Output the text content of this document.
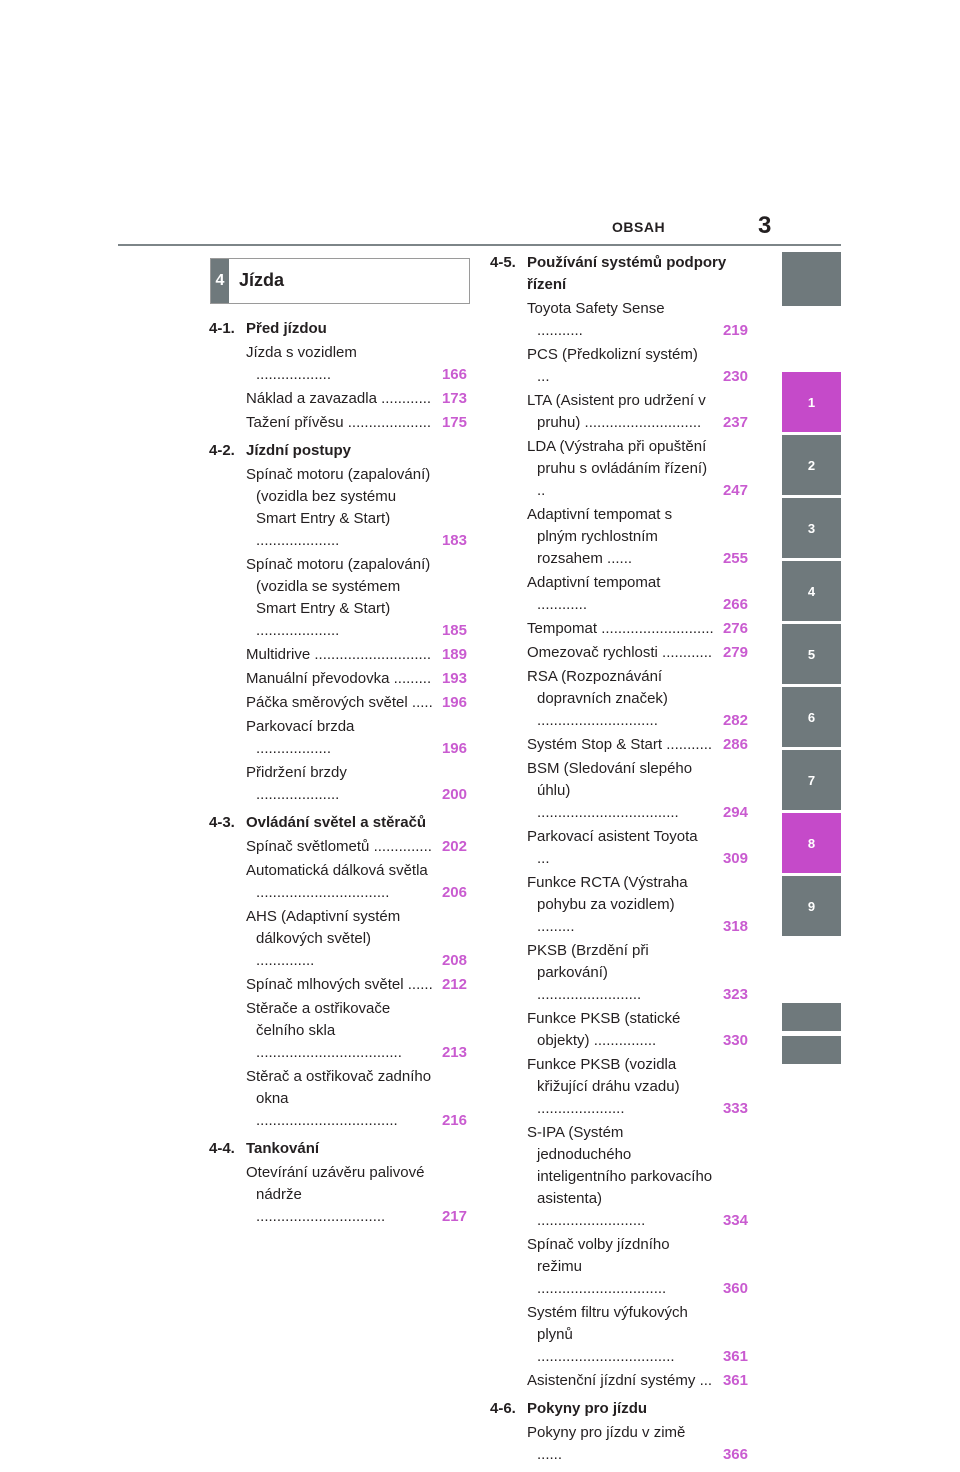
OBSAH	3
4 Jízda
4-1. Před jízdou
Jízda s vozidlem ..................	166
Náklad a zavazadla ............ 173
Tažení přívěsu .................... 175
4-2. Jízdní postupy
Spínač motoru (zapalování) (vozidla bez systému Smart Entry & Start) ....................	183
Spínač motoru (zapalování) (vozidla se systémem Smart Entry & Start) ....................	185
Multidrive ............................ 189
Manuální převodovka ......... 193
Páčka směrových světel ..... 196
Parkovací brzda ..................	196
Přidržení brzdy ....................	200
4-3. Ovládání světel a stěračů
Spínač světlometů .............. 202
Automatická dálková světla ................................	206
AHS (Adaptivní systém dálkových světel) ..............	208
Spínač mlhových světel ...... 212
Stěrače a ostřikovače čelního skla ...................................	213
Stěrač a ostřikovač zadního okna ..................................	216
4-4. Tankování
Otevírání uzávěru palivové nádrže ...............................	217
4-5. Používání systémů podpory řízení
Toyota Safety Sense ...........	219
PCS (Předkolizní systém) ...	230
LTA (Asistent pro udržení v pruhu) ............................	237
LDA (Výstraha při opuštění pruhu s ovládáním řízení) ..	247
Adaptivní tempomat s plným rychlostním rozsahem ......	255
Adaptivní tempomat ............	266
Tempomat ........................... 276
Omezovač rychlosti ............ 279
RSA (Rozpoznávání dopravních značek) .............................	282
Systém Stop & Start ........... 286
BSM (Sledování slepého úhlu) ..................................	294
Parkovací asistent Toyota ...	309
Funkce RCTA (Výstraha pohybu za vozidlem) .........	318
PKSB (Brzdění při parkování) .........................	323
Funkce PKSB (statické objekty) ...............	330
Funkce PKSB (vozidla křižující dráhu vzadu) .....................	333
S-IPA (Systém jednoduchého inteligentního parkovacího asistenta) ..........................	334
Spínač volby jízdního režimu ...............................	360
Systém filtru výfukových plynů .................................	361
Asistenční jízdní systémy ... 361
4-6. Pokyny pro jízdu
Pokyny pro jízdu v zimě ......	366
1
2
3
4
5
6
7
8
9
